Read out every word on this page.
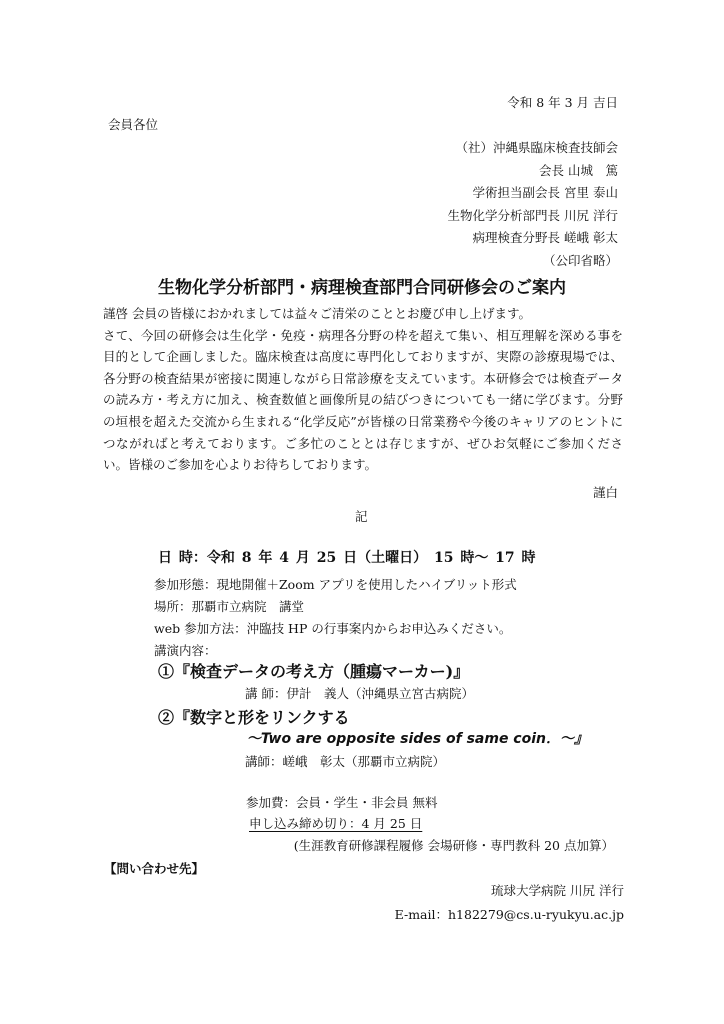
令和 8 年 3 月 吉日
会員各位
（社）沖縄県臨床検査技師会
会長 山城　篤
学術担当副会長 宮里 泰山
生物化学分析部門長 川尻 洋行
病理検査分野長 嵯峨 彰太
（公印省略）
生物化学分析部門・病理検査部門合同研修会のご案内

謹啓 会員の皆様におかれましては益々ご清栄のこととお慶び申し上げます。

さて、今回の研修会は生化学・免疫・病理各分野の枠を超えて集い、相互理解を深める事を目的として企画しました。臨床検査は高度に専門化しておりますが、実際の診療現場では、各分野の検査結果が密接に関連しながら日常診療を支えています。本研修会では検査データの読み方・考え方に加え、検査数値と画像所見の結びつきについても一緒に学びます。分野の垣根を超えた交流から生まれる“化学反応”が皆様の日常業務や今後のキャリアのヒントにつながればと考えております。ご多忙のこととは存じますが、ぜひお気軽にご参加ください。皆様のご参加を心よりお待ちしております。

謹白
記
日 時：令和 8 年 4 月 25 日（土曜日） 15 時～ 17 時
参加形態：現地開催＋Zoom アプリを使用したハイブリット形式
場所：那覇市立病院　講堂
web 参加方法：沖臨技 HP の行事案内からお申込みください。
講演内容：
①『検査データの考え方（腫瘍マーカー)』
講 師：伊計　義人（沖縄県立宮古病院）
②『数字と形をリンクする
～Two are opposite sides of same coin．～』
講師：嵯峨　彰太（那覇市立病院）
参加費：会員・学生・非会員 無料
申し込み締め切り：4 月 25 日
(生涯教育研修課程履修 会場研修・専門教科 20 点加算）
【問い合わせ先】
琉球大学病院 川尻 洋行
E-mail：h182279@cs.u-ryukyu.ac.jp
